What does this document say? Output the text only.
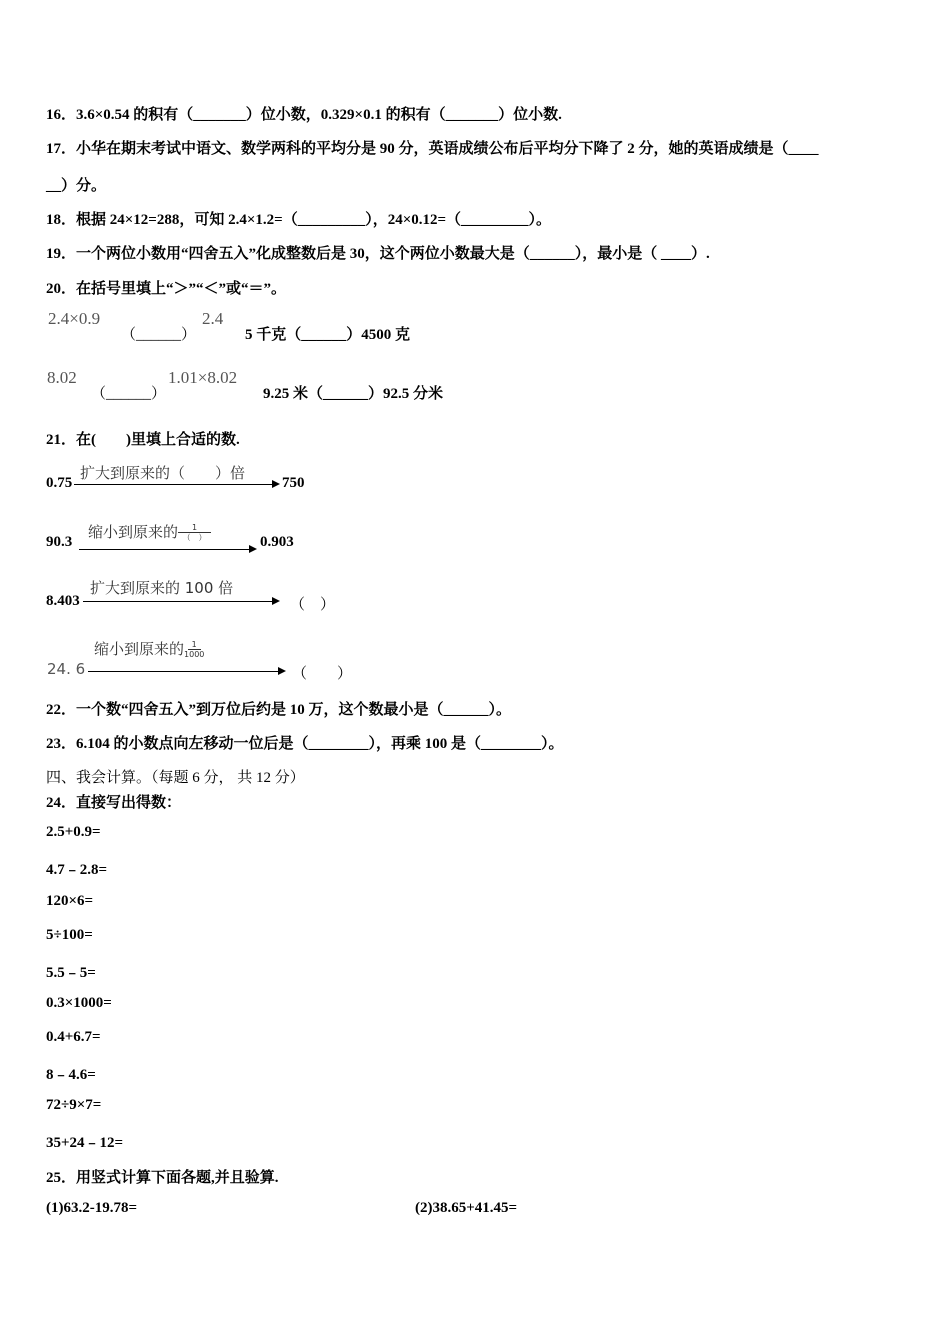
16．3.6×0.54 的积有（_______）位小数，0.329×0.1 的积有（_______）位小数.
17．小华在期末考试中语文、数学两科的平均分是 90 分，英语成绩公布后平均分下降了 2 分，她的英语成绩是（____
__）分。
18．根据 24×12=288，可知 2.4×1.2=（_________），24×0.12=（_________）。
19．一个两位小数用“四舍五入”化成整数后是 30，这个两位小数最大是（______），最小是（ ____）.
20．在括号里填上“＞”“＜”或“＝”。
2.4×0.9
（______）
2.4
5 千克（______）4500 克
8.02
（______）
1.01×8.02
9.25 米（______）92.5 分米
21．在(　　)里填上合适的数.
0.75
扩大到原来的（　　）倍
750
90.3
缩小到原来的 $\frac{1}{( )}$	0.903
8.403
扩大到原来的 100 倍
（　）
24. 6
缩小到原来的 $\frac{1}{1000}$
（　　）
22．一个数“四舍五入”到万位后约是 10 万，这个数最小是（______）。
23．6.104 的小数点向左移动一位后是（________），再乘 100 是（________）。
四、我会计算。（每题 6 分， 共 12 分）
24．直接写出得数：
2.5+0.9=
4.7﹣2.8=
120×6=
5÷100=
5.5﹣5=
0.3×1000=
0.4+6.7=
8﹣4.6=
72÷9×7=
35+24﹣12=
25．用竖式计算下面各题,并且验算.
(1)63.2-19.78=	(2)38.65+41.45=
